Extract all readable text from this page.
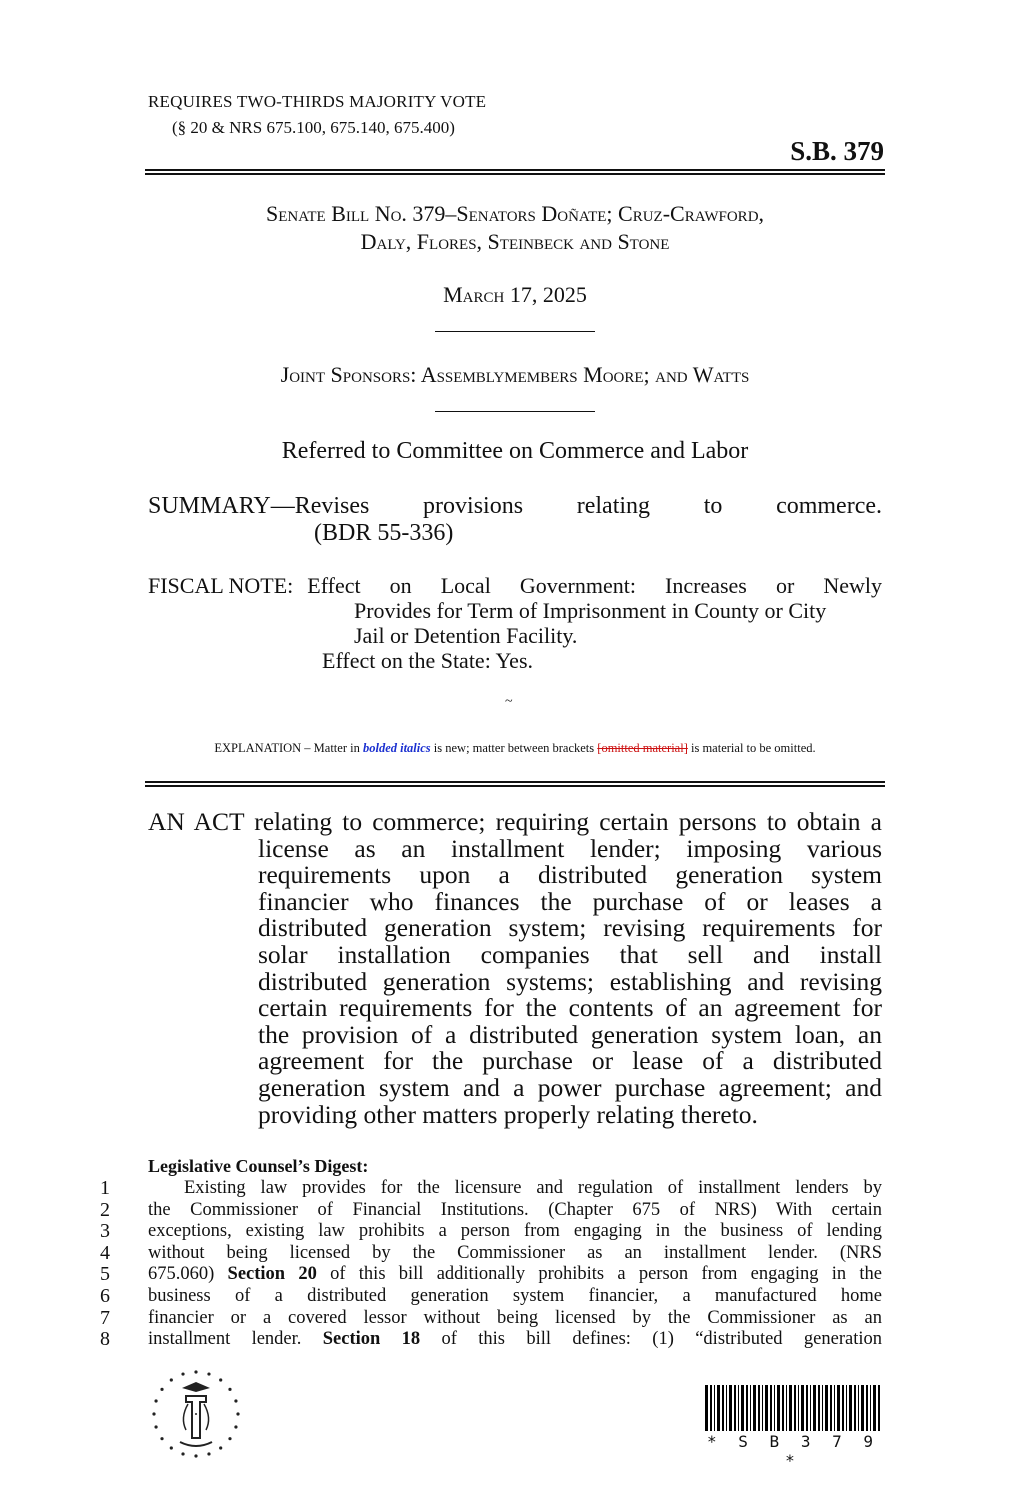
REQUIRES TWO-THIRDS MAJORITY VOTE
(§ 20 & NRS 675.100, 675.140, 675.400)
S.B. 379
Senate Bill No. 379–Senators Doñate; Cruz-Crawford,
Daly, Flores, Steinbeck and Stone
March 17, 2025
Joint Sponsors: Assemblymembers Moore; and Watts
Referred to Committee on Commerce and Labor
SUMMARY—Revises provisions relating to commerce.
(BDR 55-336)
FISCAL NOTE: Effect on Local Government: Increases or Newly
Provides for Term of Imprisonment in County or City
Jail or Detention Facility.
Effect on the State: Yes.
~
EXPLANATION – Matter in bolded italics is new; matter between brackets [omitted material] is material to be omitted.
AN ACT relating to commerce; requiring certain persons to obtain a
license as an installment lender; imposing various
requirements upon a distributed generation system
financier who finances the purchase of or leases a
distributed generation system; revising requirements for
solar installation companies that sell and install
distributed generation systems; establishing and revising
certain requirements for the contents of an agreement for
the provision of a distributed generation system loan, an
agreement for the purchase or lease of a distributed
generation system and a power purchase agreement; and
providing other matters properly relating thereto.
Legislative Counsel’s Digest:
1	Existing law provides for the licensure and regulation of installment lenders by
2	the Commissioner of Financial Institutions. (Chapter 675 of NRS) With certain
3	exceptions, existing law prohibits a person from engaging in the business of lending
4	without being licensed by the Commissioner as an installment lender. (NRS
5	675.060) Section 20 of this bill additionally prohibits a person from engaging in the
6	business of a distributed generation system financier, a manufactured home
7	financier or a covered lessor without being licensed by the Commissioner as an
8	installment lender. Section 18 of this bill defines: (1) “distributed generation
* S B 3 7 9 *
